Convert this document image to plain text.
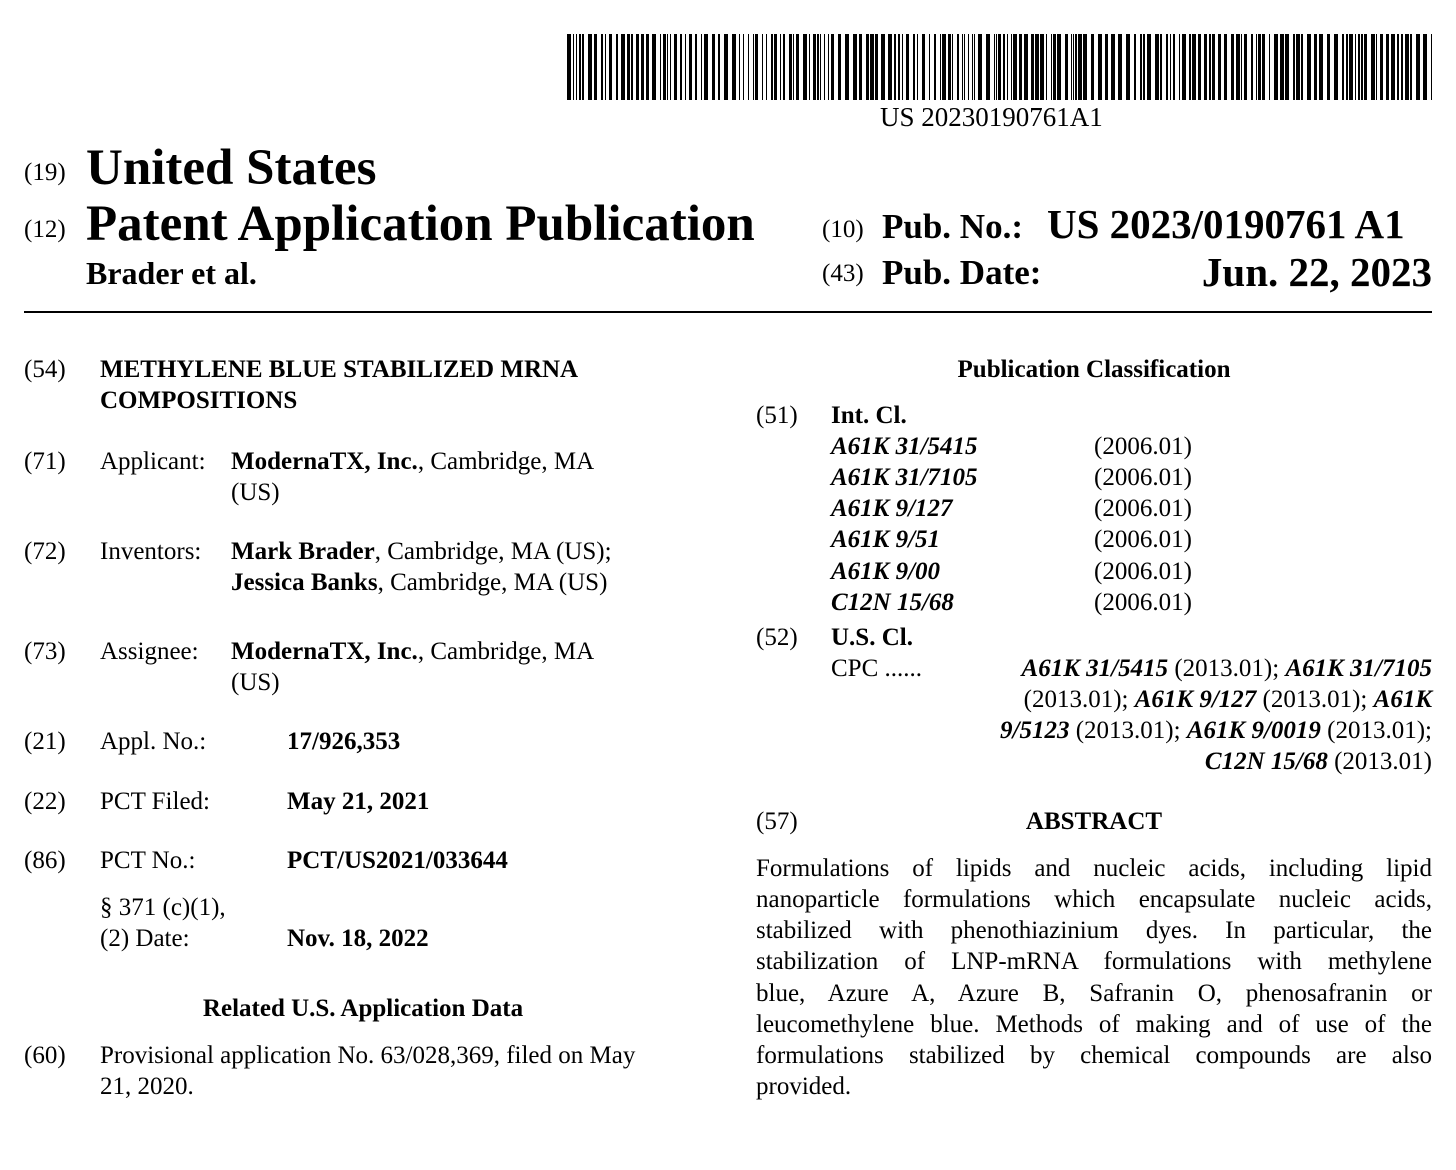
US 20230190761A1
(19) United States
(12) Patent Application Publication
Brader et al.
(10) Pub. No.: US 2023/0190761 A1
(43) Pub. Date:	Jun. 22, 2023
(54) METHYLENE BLUE STABILIZED MRNA
COMPOSITIONS
(71) Applicant: ModernaTX, Inc., Cambridge, MA
(US)
(72) Inventors: Mark Brader, Cambridge, MA (US);
Jessica Banks, Cambridge, MA (US)
(73) Assignee: ModernaTX, Inc., Cambridge, MA
(US)
(21) Appl. No.:	17/926,353
(22) PCT Filed:	May 21, 2021
(86) PCT No.:	PCT/US2021/033644
§ 371 (c)(1),
(2) Date:	Nov. 18, 2022
Related U.S. Application Data
(60) Provisional application No. 63/028,369, filed on May
21, 2020.
Publication Classification
(51) Int. Cl.
A61K 31/5415	(2006.01)
A61K 31/7105	(2006.01)
A61K 9/127	(2006.01)
A61K 9/51	(2006.01)
A61K 9/00	(2006.01)
C12N 15/68	(2006.01)
(52) U.S. Cl.
CPC ......	A61K 31/5415 (2013.01); A61K 31/7105
(2013.01); A61K 9/127 (2013.01); A61K
9/5123 (2013.01); A61K 9/0019 (2013.01);
C12N 15/68 (2013.01)
(57)	ABSTRACT
Formulations of lipids and nucleic acids, including lipid
nanoparticle formulations which encapsulate nucleic acids,
stabilized with phenothiazinium dyes. In particular, the
stabilization of LNP-mRNA formulations with methylene
blue, Azure A, Azure B, Safranin O, phenosafranin or
leucomethylene blue. Methods of making and of use of the
formulations stabilized by chemical compounds are also
provided.
